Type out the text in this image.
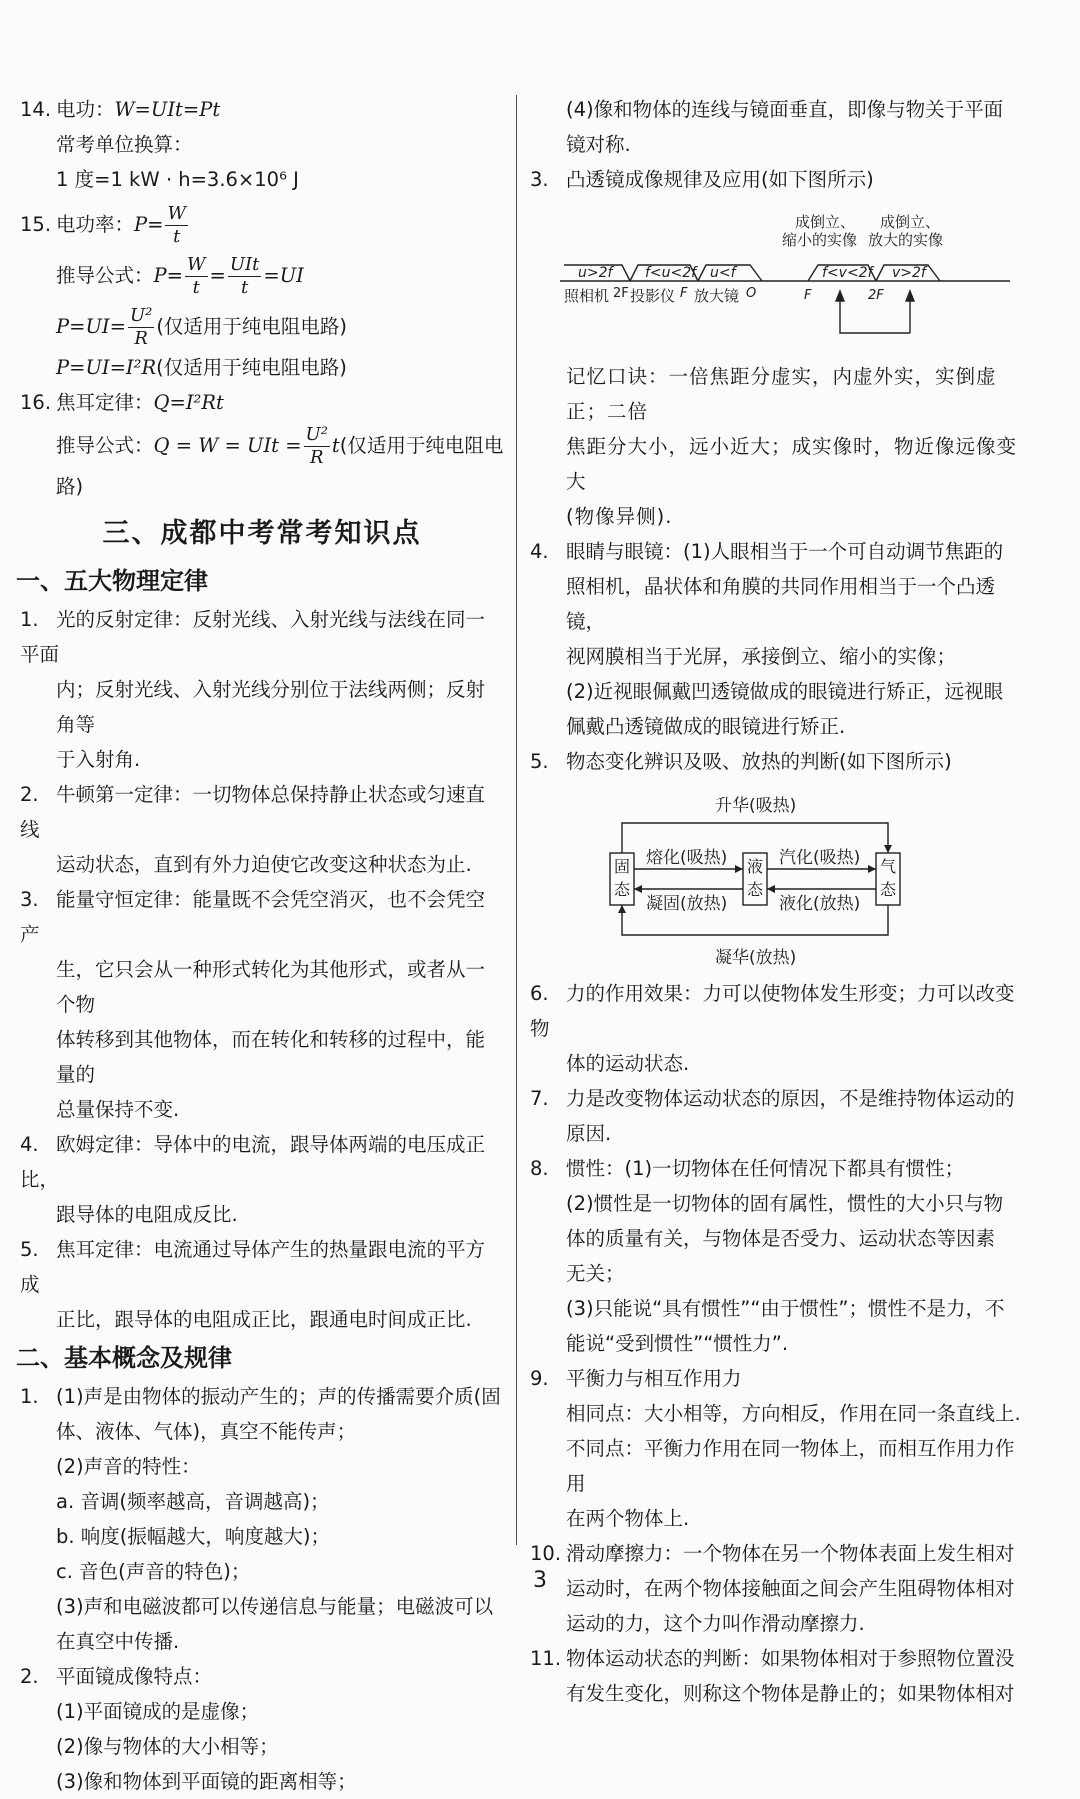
14. 电功：W=UIt=Pt
常考单位换算：
1 度=1 kW · h=3.6×10⁶ J
15. 电功率：$P= \frac{W}{t}$
推导公式：$P= \frac{W}{t} = \frac{\text{UIt}}{t} =UI$
$P=UI= \frac{\text{U²}}{R}$ (仅适用于纯电阻电路)
P=UI=I²R(仅适用于纯电阻电路)
16. 焦耳定律：Q=I²Rt
推导公式：Q = W = UIt = $\frac{\text{U²}}{R} t$(仅适用于纯电阻电
路)
三、成都中考常考知识点
一、五大物理定律
1. 光的反射定律：反射光线、入射光线与法线在同一平面
内；反射光线、入射光线分别位于法线两侧；反射角等
于入射角.
2. 牛顿第一定律：一切物体总保持静止状态或匀速直线
运动状态，直到有外力迫使它改变这种状态为止.
3. 能量守恒定律：能量既不会凭空消灭，也不会凭空产
生，它只会从一种形式转化为其他形式，或者从一个物
体转移到其他物体，而在转化和转移的过程中，能量的
总量保持不变.
4. 欧姆定律：导体中的电流，跟导体两端的电压成正比，
跟导体的电阻成反比.
5. 焦耳定律：电流通过导体产生的热量跟电流的平方成
正比，跟导体的电阻成正比，跟通电时间成正比.
二、基本概念及规律
1. (1)声是由物体的振动产生的；声的传播需要介质(固
体、液体、气体)，真空不能传声；
(2)声音的特性：
a. 音调(频率越高，音调越高)；
b. 响度(振幅越大，响度越大)；
c. 音色(声音的特色)；
(3)声和电磁波都可以传递信息与能量；电磁波可以
在真空中传播.
2. 平面镜成像特点：
(1)平面镜成的是虚像；
(2)像与物体的大小相等；
(3)像和物体到平面镜的距离相等；
(4)像和物体的连线与镜面垂直，即像与物关于平面
镜对称.
3. 凸透镜成像规律及应用(如下图所示)
成倒立、
缩小的实像
成倒立、
放大的实像
u>2f f<u<2f u<f	f<v<2f v>2f
照相机 2F 投影仪 F 放大镜 O	F	2F
记忆口诀：一倍焦距分虚实，内虚外实，实倒虚正；二倍
焦距分大小，远小近大；成实像时，物近像远像变大
(物像异侧).
4. 眼睛与眼镜：(1)人眼相当于一个可自动调节焦距的
照相机，晶状体和角膜的共同作用相当于一个凸透镜，
视网膜相当于光屏，承接倒立、缩小的实像；
(2)近视眼佩戴凹透镜做成的眼镜进行矫正，远视眼
佩戴凸透镜做成的眼镜进行矫正.
5. 物态变化辨识及吸、放热的判断(如下图所示)
升华(吸热)
凝华(放热)
熔化(吸热)
凝固(放热)
汽化(吸热)
液化(放热)
固态
液态
气态
6. 力的作用效果：力可以使物体发生形变；力可以改变物
体的运动状态.
7. 力是改变物体运动状态的原因，不是维持物体运动的
原因.
8. 惯性：(1)一切物体在任何情况下都具有惯性；
(2)惯性是一切物体的固有属性，惯性的大小只与物
体的质量有关，与物体是否受力、运动状态等因素
无关；
(3)只能说“具有惯性”“由于惯性”；惯性不是力，不
能说“受到惯性”“惯性力”.
9. 平衡力与相互作用力
相同点：大小相等，方向相反，作用在同一条直线上.
不同点：平衡力作用在同一物体上，而相互作用力作用
在两个物体上.
10. 滑动摩擦力：一个物体在另一个物体表面上发生相对
运动时，在两个物体接触面之间会产生阻碍物体相对
运动的力，这个力叫作滑动摩擦力.
11. 物体运动状态的判断：如果物体相对于参照物位置没
有发生变化，则称这个物体是静止的；如果物体相对
3
